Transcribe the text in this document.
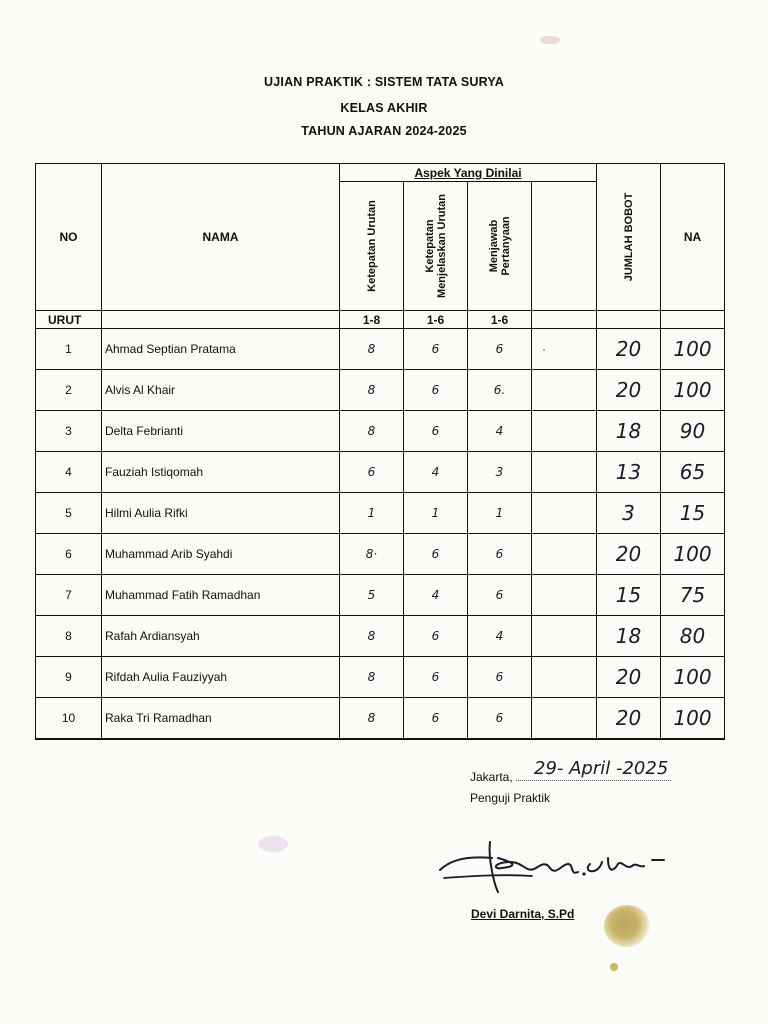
UJIAN PRAKTIK : SISTEM TATA SURYA
KELAS AKHIR
TAHUN AJARAN 2024-2025
NO	NAMA	Aspek Yang Dinilai				JUMLAH BOBOT	NA

		Ketepatan Urutan	Ketepatan Menjelaskan Urutan	Menjawab Pertanyaan			

URUT		1-8	1-6	1-6			
1	Ahmad Septian Pratama	8	6	6	·	20	100
2	Alvis Al Khair	8	6	6.		20	100
3	Delta Febrianti	8	6	4		18	90
4	Fauziah Istiqomah	6	4	3		13	65
5	Hilmi Aulia Rifki	1	1	1		3	15
6	Muhammad Arib Syahdi	8·	6	6		20	100
7	Muhammad Fatih Ramadhan	5	4	6		15	75
8	Rafah Ardiansyah	8	6	4		18	80
9	Rifdah Aulia Fauziyyah	8	6	6		20	100
10	Raka Tri Ramadhan	8	6	6		20	100
Jakarta, 29- April -2025
Penguji Praktik
Devi Darnita, S.Pd
